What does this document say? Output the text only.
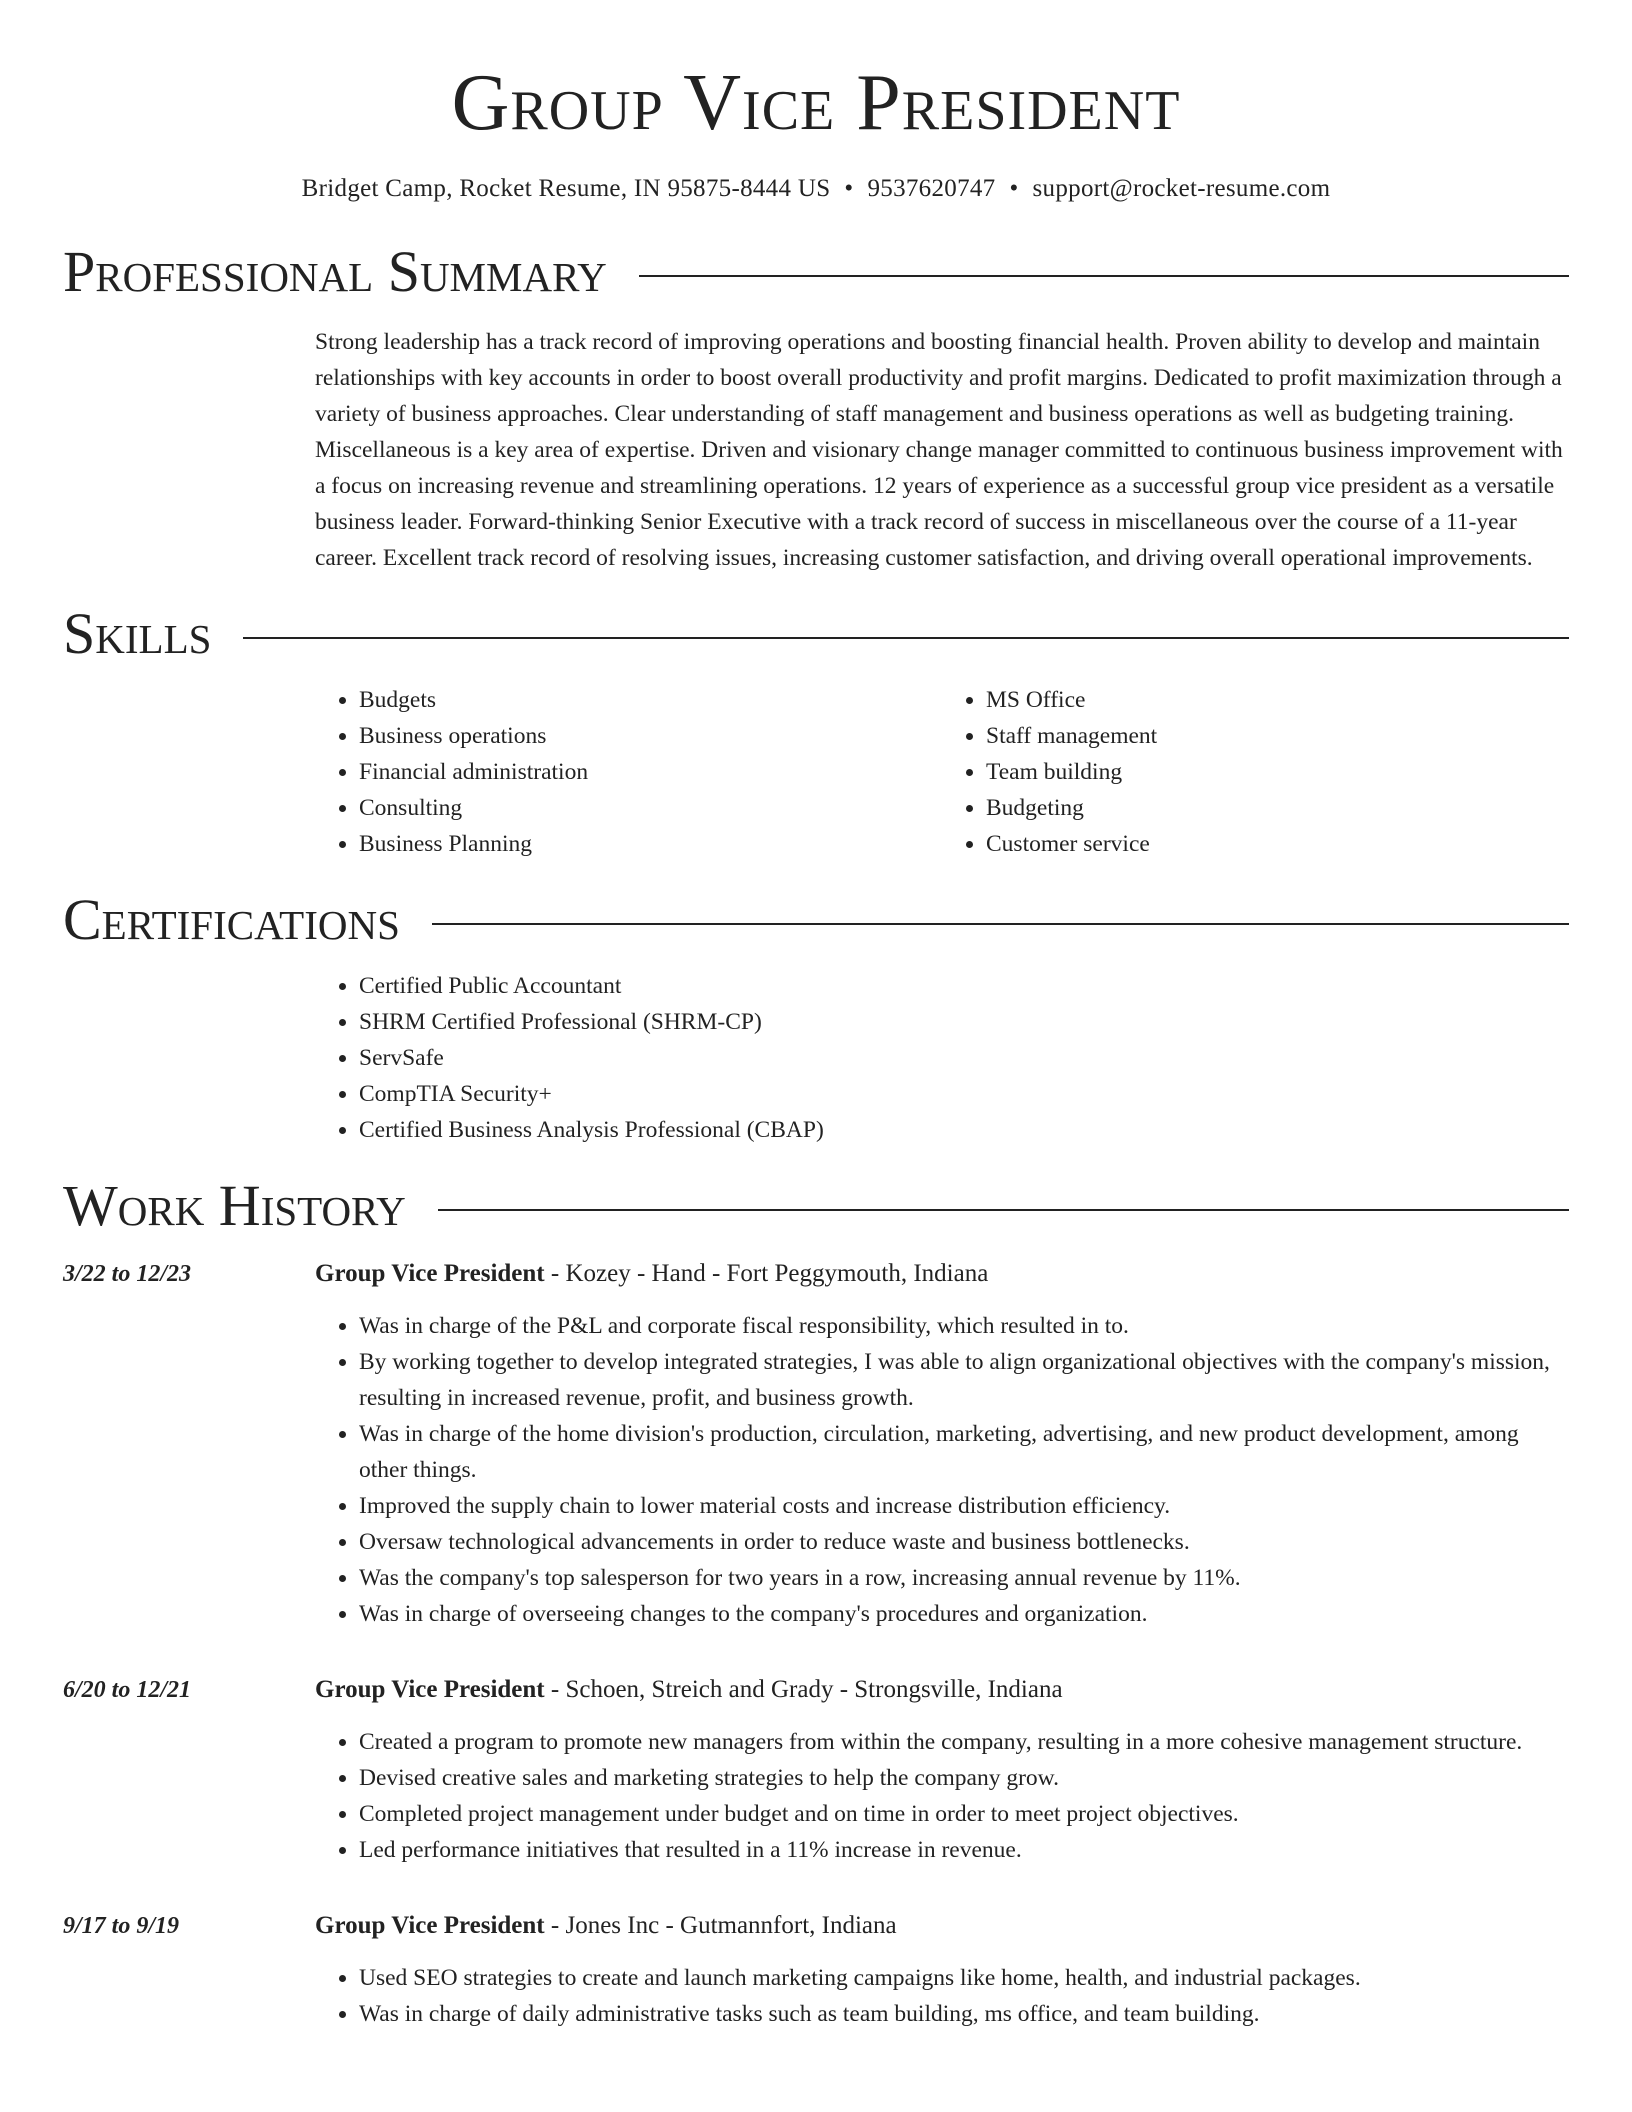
Group Vice President
Bridget Camp, Rocket Resume, IN 95875-8444 US • 9537620747 • support@rocket-resume.com
Professional Summary

Strong leadership has a track record of improving operations and boosting financial health. Proven ability to develop and maintain relationships with key accounts in order to boost overall productivity and profit margins. Dedicated to profit maximization through a variety of business approaches. Clear understanding of staff management and business operations as well as budgeting training. Miscellaneous is a key area of expertise. Driven and visionary change manager committed to continuous business improvement with a focus on increasing revenue and streamlining operations. 12 years of experience as a successful group vice president as a versatile business leader. Forward-thinking Senior Executive with a track record of success in miscellaneous over the course of a 11-year career. Excellent track record of resolving issues, increasing customer satisfaction, and driving overall operational improvements.

Skills
• Budgets
• Business operations
• Financial administration
• Consulting
• Business Planning
• MS Office
• Staff management
• Team building
• Budgeting
• Customer service
Certifications
• Certified Public Accountant
• SHRM Certified Professional (SHRM-CP)
• ServSafe
• CompTIA Security+
• Certified Business Analysis Professional (CBAP)
Work History
3/22 to 12/23	Group Vice President - Kozey - Hand - Fort Peggymouth, Indiana
• Was in charge of the P&L and corporate fiscal responsibility, which resulted in to.
• By working together to develop integrated strategies, I was able to align organizational objectives with the company's mission, resulting in increased revenue, profit, and business growth.
• Was in charge of the home division's production, circulation, marketing, advertising, and new product development, among other things.
• Improved the supply chain to lower material costs and increase distribution efficiency.
• Oversaw technological advancements in order to reduce waste and business bottlenecks.
• Was the company's top salesperson for two years in a row, increasing annual revenue by 11%.
• Was in charge of overseeing changes to the company's procedures and organization.
6/20 to 12/21	Group Vice President - Schoen, Streich and Grady - Strongsville, Indiana
• Created a program to promote new managers from within the company, resulting in a more cohesive management structure.
• Devised creative sales and marketing strategies to help the company grow.
• Completed project management under budget and on time in order to meet project objectives.
• Led performance initiatives that resulted in a 11% increase in revenue.
9/17 to 9/19	Group Vice President - Jones Inc - Gutmannfort, Indiana
• Used SEO strategies to create and launch marketing campaigns like home, health, and industrial packages.
• Was in charge of daily administrative tasks such as team building, ms office, and team building.
